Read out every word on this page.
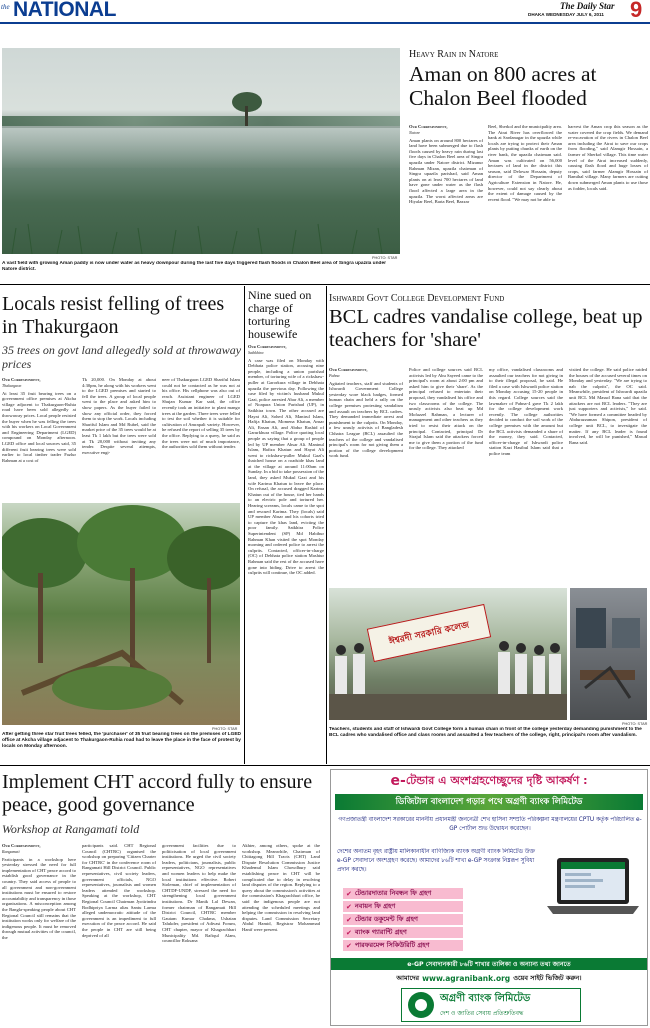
the NATIONAL	The Daily Star
DHAKA WEDNESDAY JULY 6, 2011 9
PHOTO: STAR
A vast field with growing Aman paddy is now under water as heavy downpour during the last five days triggered flash floods in Chalon Beel area of Singra upazila under Natore district.
Heavy Rain in Natore
Aman on 800 acres at Chalon Beel flooded
Our Correspondent,
Natore
Aman plants on around 800 hectares of land have been submerged due to flash floods caused by heavy rain during last five days in Chalon Beel area of Singra upazila under Natore district. Mizanur Rahman Mizan, upazila chairman of Singra upazila parishad, said Aman plants on at least 700 hectares of land have gone under water as the flash flood affected a large area in the upazila. The worst affected areas are Hiyalar Beel, Baria Beel, Bazzar
Beel, Sherkol and the municipality area. The Atrai River has overflowed the bank at Sardanagar in the upazila while locals are trying to protect their Aman plants by putting chunks of earth on the river bank, the upazila chairman said. Aman was cultivated on 56,000 hectares of land in the district this season, said Delowar Hossain, deputy director of the Department of Agriculture Extension in Natore. He, however, could not say clearly about the extent of damage caused by the recent flood. "We may not be able to
harvest the Aman crop this season as the water covered the crop fields. We demand re-excavation of the rivers in Chalon Beel area including the Atrai to save our crops from flooding," said Alamgir Hossain, a farmer of Sherkol village. This time water level of the Atrai increased suddenly, causing flash flood and huge losses of crops, said farmer Alamgir Hossain of Bamihal village. Many farmers are cutting down submerged Aman plants to use those as fodder, locals said.
Locals resist felling of trees in Thakurgaon
35 trees on govt land allegedly sold at throwaway prices
Our Correspondent,
Thakurgaon
At least 35 fruit bearing trees on a government office premises at Akcha village adjacent to Thakurgaon-Ruhia road have been sold allegedly at throwaway prices. Local people resisted the buyer when he was felling the trees with his workers on Local Government and Engineering Department (LGED) compound on Monday afternoon. LGED office and local sources said, 35 different fruit bearing trees were sold earlier to local timber trader Fazlur Rahman at a cost of
Tk 20,000. On Monday at about 4:30pm, he along with his workers went to the LGED premises and started to fell the trees. A group of local people went to the place and asked him to show papers. As the buyer failed to show any official order, they forced them to stop the work. Locals including Shariful Islam and Md Rubel, said the market price of the 35 trees would be at least Tk 1 lakh but the trees were sold at Tk 20,000 without inviting any tender. Despite several attempts, executive engi-
neer of Thakurgaon LGED Shariful Islam could not be contacted as he was not at his office. His cellphone was also out of reach. Assistant engineer of LGED Shujan Kumar Kar said, the office recently took an initiative to plant mango trees at the garden. Three trees were felled to test the soil whether it is suitable for cultivation of Amrapali variety. However, he refused the report of selling 35 trees by the office. Replying to a query, he said as the trees were not of much importance, the authorities sold them without tender.
PHOTO: STAR
After getting three star fruit trees felled, the 'purchaser' of 35 fruit bearing trees on the premises of LGED office at Akcha village adjacent to Thakurgaon-Ruhia road had to leave the place in the face of protest by locals on Monday afternoon.
Nine sued on charge of torturing housewife
Our Correspondent,
Sathkhira
A case was filed on Monday with Debhata police station, accusing nine people, including a union parishad member, of torturing wife of a rickshaw-puller at Garorkura village in Debhata upazila the previous day. Following the case filed by victim's husband Mukul Gazi, police arrested Abar Ali, a member of Noapara Union Parishad (UP), in Satkhira town. The other accused are Hayat Ali, Sohed Ali, Manirul Islam, Hafija Khatun, Momena Khatun, Ansar Ali, Ensan Ali, and Abdur Rashid of Garurkhura village. Police quoting local people as saying that a group of people led by UP member Absar Ali. Maninul Islam, Hafiza Khatun and Hayat Ali went to rickshaw-puller Mukul Gazi's thatched house on a roadside khas land at the village at around 11:00am on Sunday. In a bid to take possession of the land, they asked Mukul Gazi and his wife Karima Khatun to leave the place. On refusal, the accused dragged Karima Khatun out of the house, tied her hands to an electric pole and tortured her. Hearing screams, locals came to the spot and rescued Karima. They (locals) said UP member Absar and his cohorts tried to capture the khas land, evicting the poor family. Satkhira Police Superintendent (SP) Md Habibur Rahman Khan visited the spot Monday morning and ordered police to arrest the culprits. Contacted, officer-in-charge (OC) of Debhata police station Mashiur Rahman said the rest of the accused have gone into hiding. Drive to arrest the culprits will continue, the OC added.
Ishwardi Govt College Development Fund
BCL cadres vandalise college, beat up teachers for 'share'
Our Correspondent,
Pabna
Agitated teachers, staff and students of Ishwardi Government College yesterday wore black badges, formed human chain and held a rally on the college premises protesting vandalism and assault on teachers by BCL cadres. They demanded immediate arrest and punishment to the culprits. On Monday, a few unruly activists of Bangladesh Chhatra League (BCL) assaulted the teachers of the college and vandalised principal's room for not giving them a portion of the college development work fund.
Police and college sources said BCL activists led by Abu Sayeed came to the principal's room at about 2:00 pm and asked him to give their 'share'. As the principal refused to entertain their proposal, they vandalised his office and two classrooms of the college. The unruly activists also beat up Md Mofazzel Rahman, a lecturer of management and other teachers as they tried to resist their attack on the principal. Contacted, principal Dr Sirajul Islam said the attackers forced me to give them a portion of the fund for the college. They attacked
my office, vandalised classrooms and assaulted our teachers for not giving in to their illegal proposal, he said. He filed a case with Ishwardi police station on Monday accusing 15-20 people in this regard. College sources said the lawmaker of Pabna-4 gave Tk 2 lakh for the college development work recently. The college authorities decided to conduct the soil work of the college premises with the amount but the BCL activists demanded a share of the money, they said. Contacted, officer-in-charge of Ishwardi police station Kazi Hasibul Islam said that a police team
visited the college. He said police raided the houses of the accused several times on Monday and yesterday. "We are trying to nab the culprits", the OC said. Meanwhile, president of Ishwardi upazila unit BCL Md Masud Rana said that the attackers are not BCL leaders. "They are just supporters and activists," he said. "We have formed a committee headed by Abdurazzaman Shipon, president of college unit BCL, to investigate the matter. If any BCL leader is found involved, he will be punished," Masud Rana said.
ঈশ্বরদী সরকারি কলেজ
PHOTO: STAR
Teachers, students and staff of Ishwardi Govt College form a human chain in front of the college yesterday demanding punishment to the BCL cadres who vandalised office and class rooms and assaulted a few teachers of the college, right, principal's room after vandalism.
Implement CHT accord fully to ensure peace, good governance
Workshop at Rangamati told
Our Correspondent,
Rangamati
Participants in a workshop here yesterday stressed the need for full implementation of CHT peace accord to establish good governance in the country. They said access of people to all government and non-government institutions must be ensured to restore accountability and transparency in those organisations. A misconception among the Bangla-speaking people about CHT Regional Council still remains that the institution works only for welfare of the indigenous people. It must be removed through mutual activities of the council, the
participants said. CHT Regional Council (CHTRC) organised the workshop on preparing 'Citizen Charter for CHTRC' in the conference room of Rangamati Hill District Council. Public representatives, civil society leaders, government officials, NGO representatives, journalists and women leaders attended the workshop. Speaking at the workshop, CHT Regional Council Chairman Jyotirindra Bodhipriya Larma alias Santu Larma alleged undemocratic attitude of the government is an impediment to full execution of the peace accord. He said the people in CHT are still being deprived of all
government facilities due to politicisation of local government institutions. He urged the civil society leaders, politicians, journalists, public representatives, NGO representatives and women leaders to help make the local institutions effective. Robert Stoleman, chief of implementation of CHTDF-UNDP, stressed the need for strengthening local government institutions. Dr Manik Lal Dewan, former chairman of Rangamati Hill District Council, CHTRC member Gautam Kumar Chakma, Ushatan Talukder, president of Adivasi Forum, CHT chapter, mayor of Khagrachhari Municipality Md. Rafiqul Alam, councillor Roksana
Akhter, among others, spoke at the workshop. Meanwhile, Chairman of Chittagong Hill Tracts (CHT) Land Dispute Resolution Commission Justice Khademul Islam Chowdhury said establishing peace in CHT will be complicated due to delay in resolving land disputes of the region. Replying to a query about the commission's activities at the commission's Khagrachhari office, he said the indigenous people are not attending the scheduled meetings and helping the commission in resolving land disputes. Land Commission Secretary Abdul Hamid, Registrar Mohammad Hanif were present.
e- টেন্ডার এ অংশগ্রহণেচ্ছুদের দৃষ্টি আকর্ষণ :
ডিজিটাল বাংলাদেশ গড়ার পথে অগ্রণী ব্যাংক লিমিটেড
গণপ্রজাতন্ত্রী বাংলাদেশ সরকারের মাননীয় প্রধানমন্ত্রী জননেত্রী শেখ হাসিনা সম্প্রতি পরিকল্পনা মন্ত্রণালয়ের CPTU কর্তৃক পরিচালিত e-GP পোর্টাল শুভ উদ্বোধন করেছেন।
দেশের অন্যতম বৃহৎ রাষ্ট্রীয় মালিকানাধীন বাণিজ্যিক ব্যাংক অগ্রণী ব্যাংক লিমিটেড উক্ত e-GP সেবাদানে অংশগ্রহণ করেছে। আমাদের ৮৬টি শাখা e-GP সংক্রান্ত নিম্নরূপ সুবিধা প্রদান করছে।
✔ টেন্ডারদাতার নিবন্ধন ফি গ্রহণ
✔ নবায়ন ফি গ্রহণ
✔ টেন্ডার ডকুমেন্ট ফি গ্রহণ
✔ ব্যাংক গ্যারান্টি গ্রহণ
✔ পারফরমেন্স সিকিউরিটি গ্রহণ
e-GP সেবাদানকারী ৮৬টি শাখার তালিকা ও অন্যান্য তথ্য জানতে
আমাদের www.agranibank.org ওয়েব সাইট ভিজিট করুন।
অগ্রণী ব্যাংক লিমিটেড
দেশ ও জাতির সেবায় প্রতিশ্রুতিবদ্ধ
